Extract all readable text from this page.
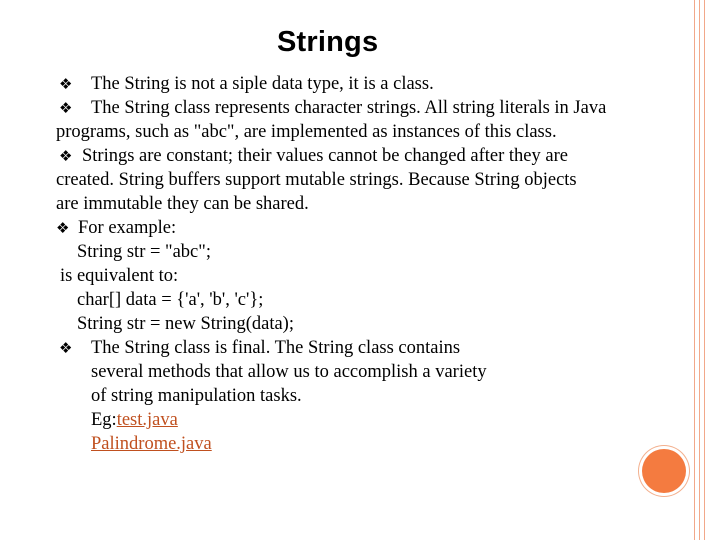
Strings
❖ The String is not a siple data type, it is a class.
❖ The String class represents character strings. All string literals in Java
programs, such as "abc", are implemented as instances of this class.
❖ Strings are constant; their values cannot be changed after they are
created. String buffers support mutable strings. Because String objects
are immutable they can be shared.
❖ For example:
String str = "abc";
is equivalent to:
char[] data = {'a', 'b', 'c'};
String str = new String(data);
❖ The String class is final. The String class contains
several methods that allow us to accomplish a variety
of string manipulation tasks.
Eg:test.java
Palindrome.java
